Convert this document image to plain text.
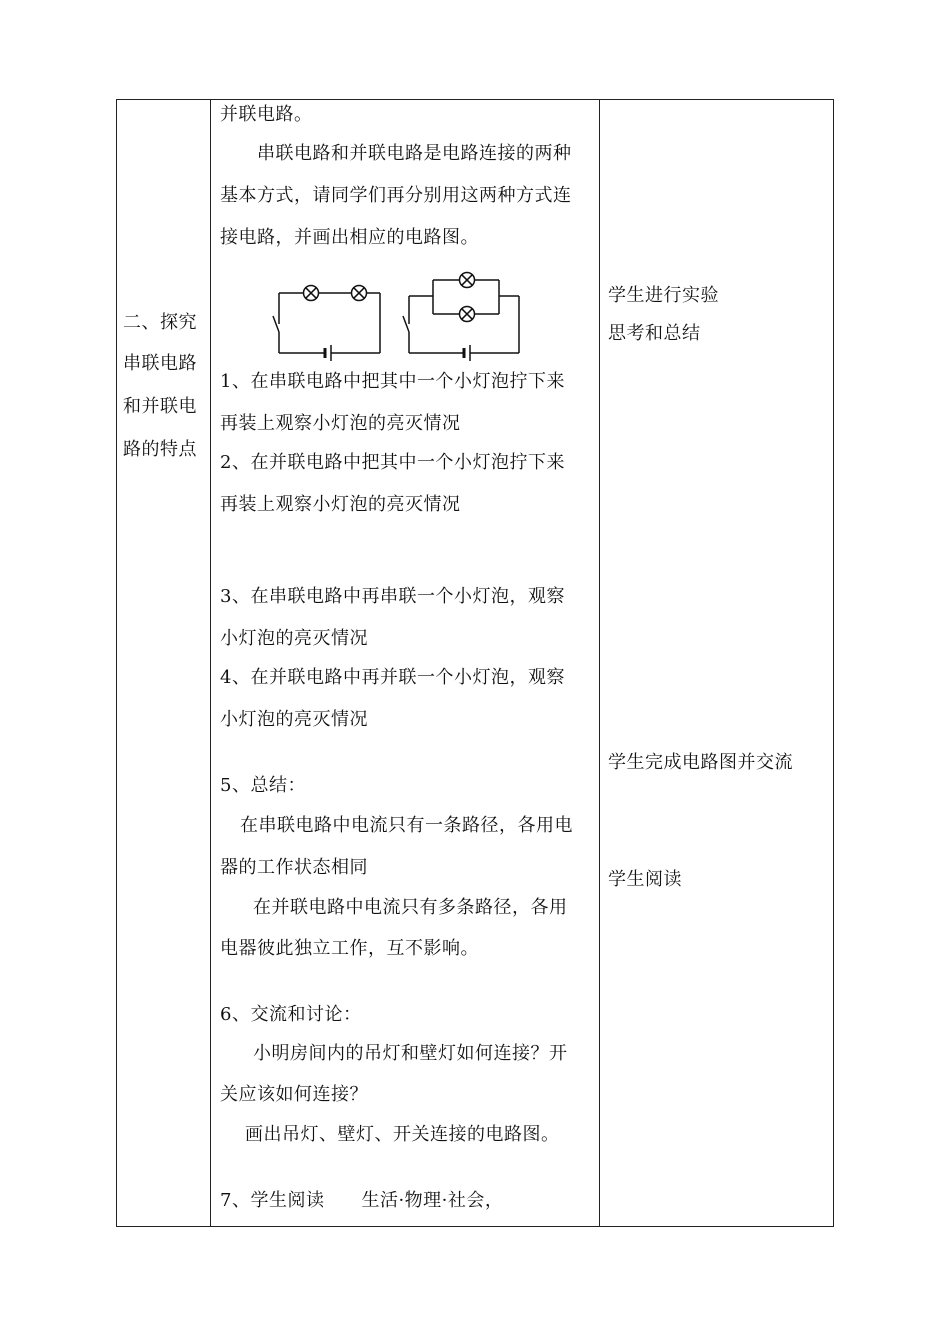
二、探究
串联电路
和并联电
路的特点
并联电路。
串联电路和并联电路是电路连接的两种
基本方式，请同学们再分别用这两种方式连
接电路，并画出相应的电路图。
1、在串联电路中把其中一个小灯泡拧下来
再装上观察小灯泡的亮灭情况
2、在并联电路中把其中一个小灯泡拧下来
再装上观察小灯泡的亮灭情况
3、在串联电路中再串联一个小灯泡，观察
小灯泡的亮灭情况
4、在并联电路中再并联一个小灯泡，观察
小灯泡的亮灭情况
5、总结：
在串联电路中电流只有一条路径，各用电
器的工作状态相同
在并联电路中电流只有多条路径，各用
电器彼此独立工作，互不影响。
6、交流和讨论：
小明房间内的吊灯和壁灯如何连接？开
关应该如何连接？
画出吊灯、壁灯、开关连接的电路图。
7、学生阅读　　生活·物理·社会，
学生进行实验
思考和总结
学生完成电路图并交流
学生阅读
